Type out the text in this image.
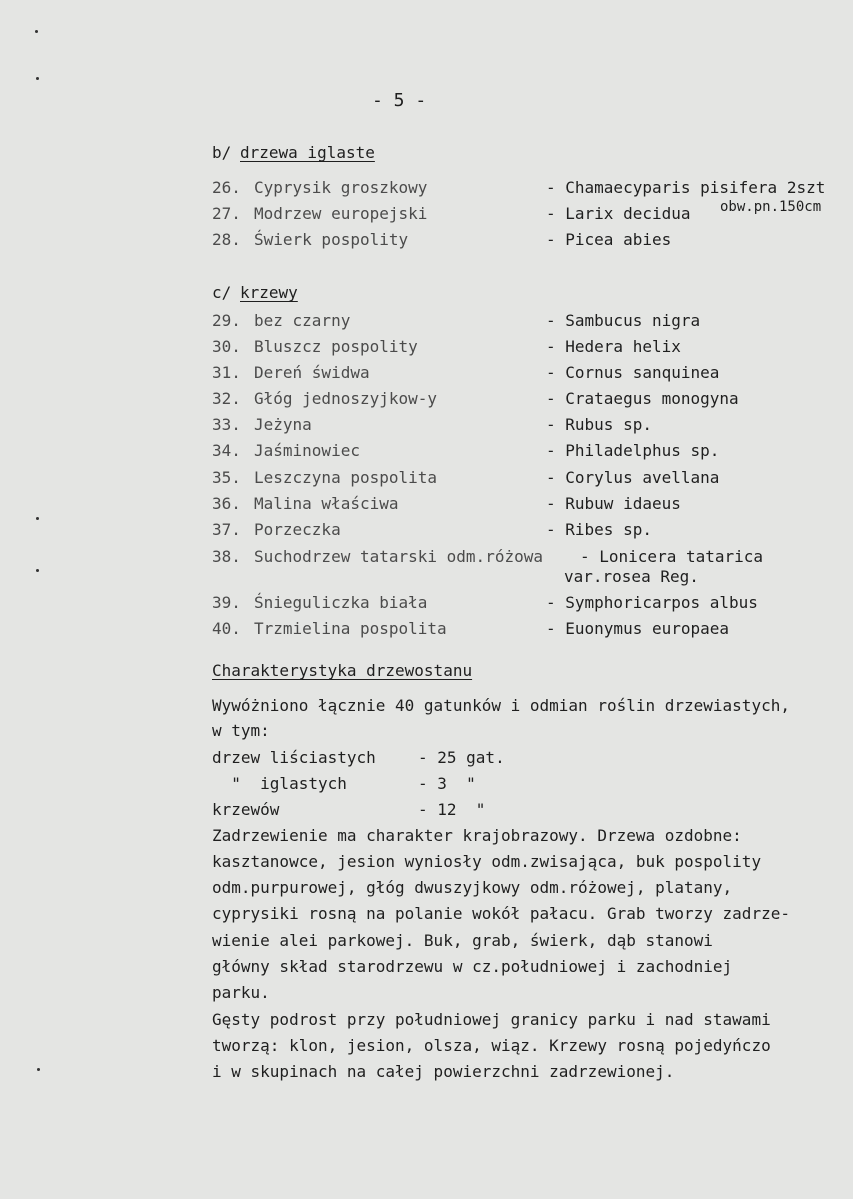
- 5 -
b/ drzewa iglaste
26. Cyprysik groszkowy	- Chamaecyparis pisifera 2szt
27. Modrzew europejski	- Larix decidua obw.pn.150cm
28. Świerk pospolity	- Picea abies
c/ krzewy
29. bez czarny	- Sambucus nigra
30. Bluszcz pospolity	- Hedera helix
31. Dereń świdwa	- Cornus sanquinea
32. Głóg jednoszyjkow-y	- Crataegus monogyna
33. Jeżyna	- Rubus sp.
34. Jaśminowiec	- Philadelphus sp.
35. Leszczyna pospolita	- Corylus avellana
36. Malina właściwa	- Rubuw idaeus
37. Porzeczka	- Ribes sp.
38. Suchodrzew tatarski odm.różowa - Lonicera tatarica
var.rosea Reg.
39. Śnieguliczka biała	- Symphoricarpos albus
40. Trzmielina pospolita	- Euonymus europaea
Charakterystyka drzewostanu
Wywóżniono łącznie 40 gatunków i odmian roślin drzewiastych,
w tym:
drzew liściastych	- 25 gat.
"  iglastych	- 3  "
krzewów	- 12  "
Zadrzewienie ma charakter krajobrazowy. Drzewa ozdobne:
kasztanowce, jesion wyniosły odm.zwisająca, buk pospolity
odm.purpurowej, głóg dwuszyjkowy odm.różowej, platany,
cyprysiki rosną na polanie wokół pałacu. Grab tworzy zadrze-
wienie alei parkowej. Buk, grab, świerk, dąb stanowi
główny skład starodrzewu w cz.południowej i zachodniej
parku.
Gęsty podrost przy południowej granicy parku i nad stawami
tworzą: klon, jesion, olsza, wiąz. Krzewy rosną pojedyńczo
i w skupinach na całej powierzchni zadrzewionej.
